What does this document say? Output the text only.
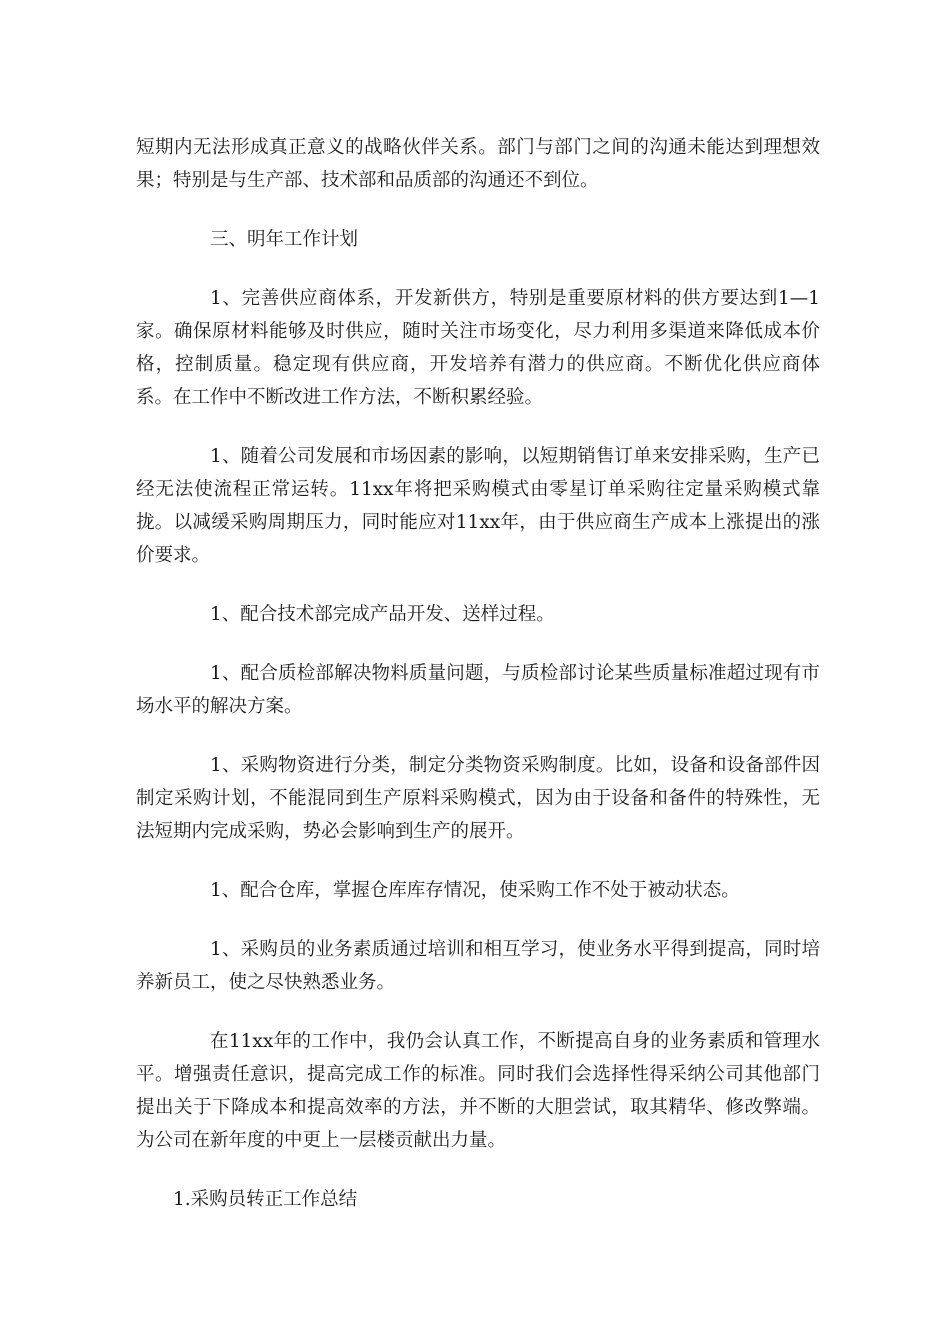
短期内无法形成真正意义的战略伙伴关系。部门与部门之间的沟通未能达到理想效果；特别是与生产部、技术部和品质部的沟通还不到位。

三、明年工作计划

1、完善供应商体系，开发新供方，特别是重要原材料的供方要达到1—1家。确保原材料能够及时供应，随时关注市场变化，尽力利用多渠道来降低成本价格，控制质量。稳定现有供应商，开发培养有潜力的供应商。不断优化供应商体系。在工作中不断改进工作方法，不断积累经验。

1、随着公司发展和市场因素的影响，以短期销售订单来安排采购，生产已经无法使流程正常运转。11xx年将把采购模式由零星订单采购往定量采购模式靠拢。以减缓采购周期压力，同时能应对11xx年，由于供应商生产成本上涨提出的涨价要求。

1、配合技术部完成产品开发、送样过程。

1、配合质检部解决物料质量问题，与质检部讨论某些质量标准超过现有市场水平的解决方案。

1、采购物资进行分类，制定分类物资采购制度。比如，设备和设备部件因制定采购计划，不能混同到生产原料采购模式，因为由于设备和备件的特殊性，无法短期内完成采购，势必会影响到生产的展开。

1、配合仓库，掌握仓库库存情况，使采购工作不处于被动状态。

1、采购员的业务素质通过培训和相互学习，使业务水平得到提高，同时培养新员工，使之尽快熟悉业务。

在11xx年的工作中，我仍会认真工作，不断提高自身的业务素质和管理水平。增强责任意识，提高完成工作的标准。同时我们会选择性得采纳公司其他部门提出关于下降成本和提高效率的方法，并不断的大胆尝试，取其精华、修改弊端。为公司在新年度的中更上一层楼贡献出力量。

1.采购员转正工作总结
